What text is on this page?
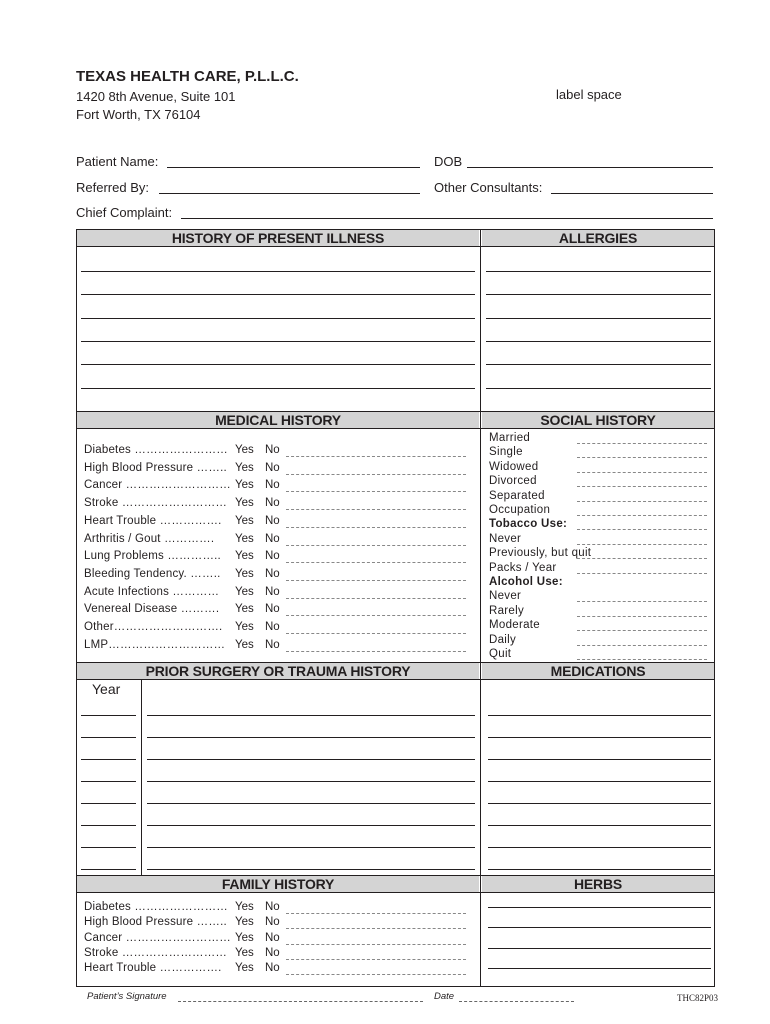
TEXAS HEALTH CARE, P.L.L.C.
1420 8th Avenue, Suite 101
Fort Worth, TX 76104
label space
Patient Name:	DOB
Referred By:	Other Consultants:
Chief Complaint:
HISTORY OF PRESENT ILLNESS	ALLERGIES
MEDICAL HISTORY	SOCIAL HISTORY
Diabetes …………………… Yes No
High Blood Pressure …….. Yes No
Cancer ……………………… Yes No
Stroke ……………………… Yes No
Heart Trouble ……………. Yes No
Arthritis / Gout …………. Yes No
Lung Problems ………….. Yes No
Bleeding Tendency. …….. Yes No
Acute Infections ………… Yes No
Venereal Disease ………. Yes No
Other………………………. Yes No
LMP………………………… Yes No
Married
Single
Widowed
Divorced
Separated
Occupation
Tobacco Use:
Never
Previously, but quit
Packs / Year
Alcohol Use:
Never
Rarely
Moderate
Daily
Quit
PRIOR SURGERY OR TRAUMA HISTORY	MEDICATIONS
Year
FAMILY HISTORY	HERBS
Diabetes …………………… Yes No
High Blood Pressure …….. Yes No
Cancer ……………………… Yes No
Stroke ……………………… Yes No
Heart Trouble ……………. Yes No
Patient’s Signature	Date	THC82P03
